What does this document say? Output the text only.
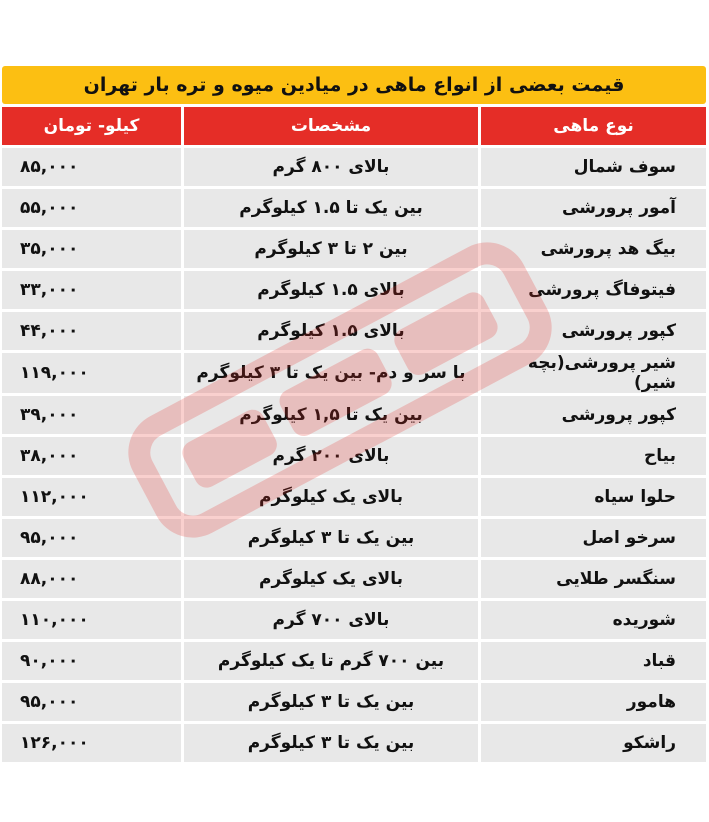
قیمت بعضی از انواع ماهی در میادین میوه و تره بار تهران
نوع ماهی	مشخصات	کیلو- تومان
سوف شمال	بالای ۸۰۰ گرم	۸۵,۰۰۰
آمور پرورشی	بین یک تا ۱.۵ کیلوگرم	۵۵,۰۰۰
بیگ هد پرورشی	بین ۲ تا ۳ کیلوگرم	۳۵,۰۰۰
فیتوفاگ پرورشی	بالای ۱.۵ کیلوگرم	۳۳,۰۰۰
کپور پرورشی	بالای ۱.۵ کیلوگرم	۴۴,۰۰۰
شیر پرورشی(بچه شیر)	با سر و دم- بین یک تا ۳ کیلوگرم	۱۱۹,۰۰۰
کپور پرورشی	بین یک تا ۱,۵ کیلوگرم	۳۹,۰۰۰
بیاح	بالای ۲۰۰ گرم	۳۸,۰۰۰
حلوا سیاه	بالای یک کیلوگرم	۱۱۲,۰۰۰
سرخو اصل	بین یک تا ۳ کیلوگرم	۹۵,۰۰۰
سنگسر طلایی	بالای یک کیلوگرم	۸۸,۰۰۰
شوریده	بالای ۷۰۰ گرم	۱۱۰,۰۰۰
قباد	بین ۷۰۰ گرم تا یک کیلوگرم	۹۰,۰۰۰
هامور	بین یک تا ۳ کیلوگرم	۹۵,۰۰۰
راشکو	بین یک تا ۳ کیلوگرم	۱۲۶,۰۰۰
